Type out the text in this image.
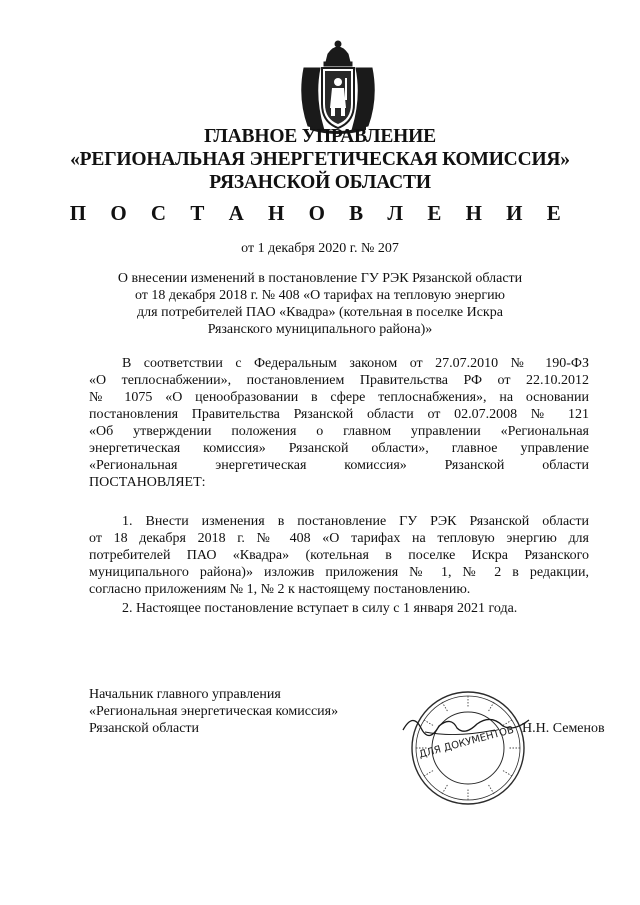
ГЛАВНОЕ УПРАВЛЕНИЕ
«РЕГИОНАЛЬНАЯ ЭНЕРГЕТИЧЕСКАЯ КОМИССИЯ»
РЯЗАНСКОЙ ОБЛАСТИ
П О С Т А Н О В Л Е Н И Е
от 1 декабря 2020 г. № 207
О внесении изменений в постановление ГУ РЭК Рязанской области
от 18 декабря 2018 г. № 408 «О тарифах на тепловую энергию
для потребителей ПАО «Квадра» (котельная в поселке Искра
Рязанского муниципального района)»
В соответствии с Федеральным законом от 27.07.2010 № 190-ФЗ
«О теплоснабжении», постановлением Правительства РФ от 22.10.2012
№ 1075 «О ценообразовании в сфере теплоснабжения», на основании
постановления Правительства Рязанской области от 02.07.2008 № 121
«Об утверждении положения о главном управлении «Региональная
энергетическая комиссия» Рязанской области», главное управление
«Региональная энергетическая комиссия» Рязанской области
ПОСТАНОВЛЯЕТ:
1. Внести изменения в постановление ГУ РЭК Рязанской области
от 18 декабря 2018 г. № 408 «О тарифах на тепловую энергию для
потребителей ПАО «Квадра» (котельная в поселке Искра Рязанского
муниципального района)» изложив приложения № 1, № 2 в редакции,
согласно приложениям № 1, № 2 к настоящему постановлению.
2. Настоящее постановление вступает в силу с 1 января 2021 года.
Начальник главного управления
«Региональная энергетическая комиссия»
Рязанской области	ДЛЯ ДОКУМЕНТОВ Н.Н. Семенов
